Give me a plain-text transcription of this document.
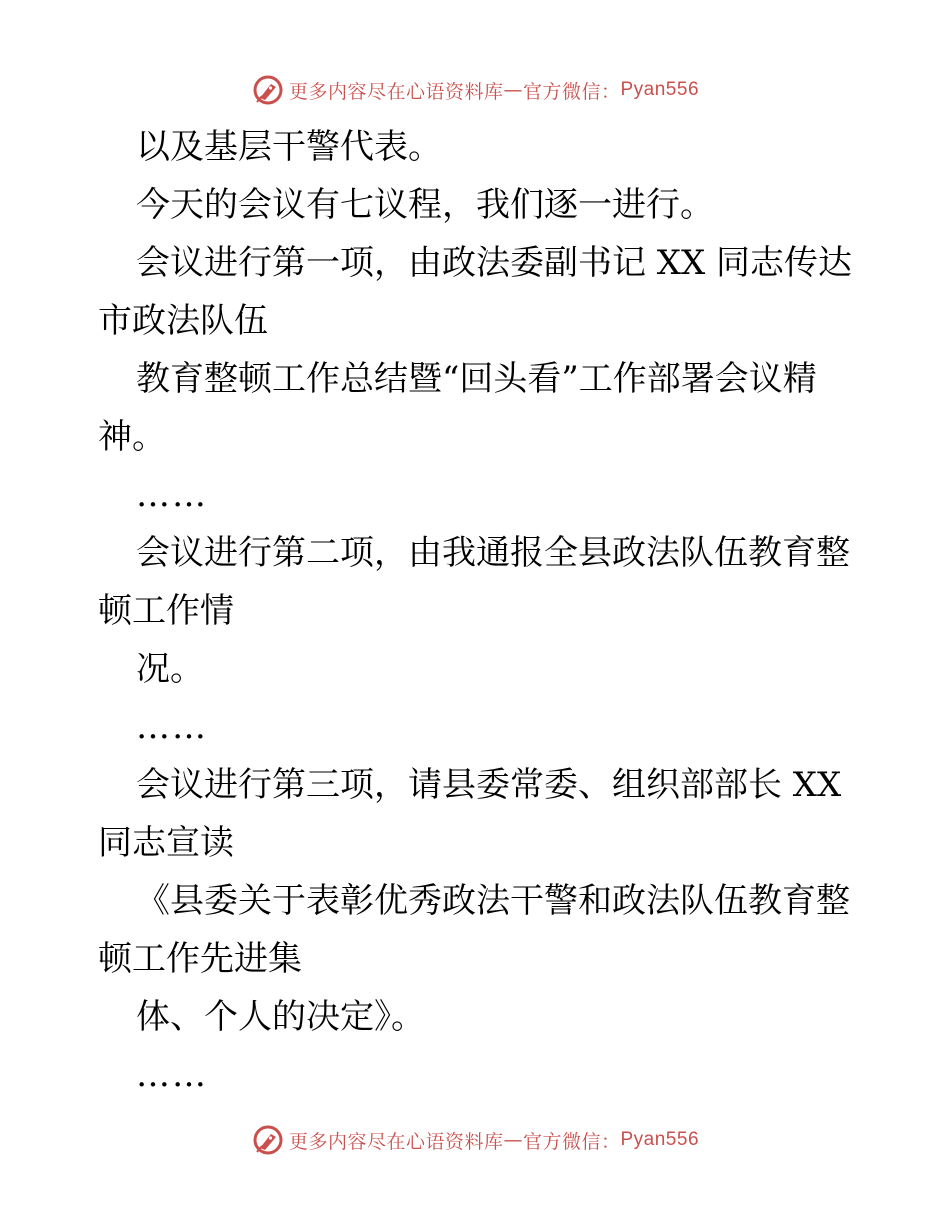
更多内容尽在心语资料库 — 官方微信： Pyan556
以及基层干警代表。
今天的会议有七议程，我们逐一进行。
会议进行第一项，由政法委副书记 XX 同志传达
市政法队伍
教育整顿工作总结暨“回头看”工作部署会议精
神。
……
会议进行第二项，由我通报全县政法队伍教育整
顿工作情
况。
……
会议进行第三项，请县委常委、组织部部长 XX
同志宣读
《县委关于表彰优秀政法干警和政法队伍教育整
顿工作先进集
体、个人的决定》。
……
更多内容尽在心语资料库 — 官方微信： Pyan556
